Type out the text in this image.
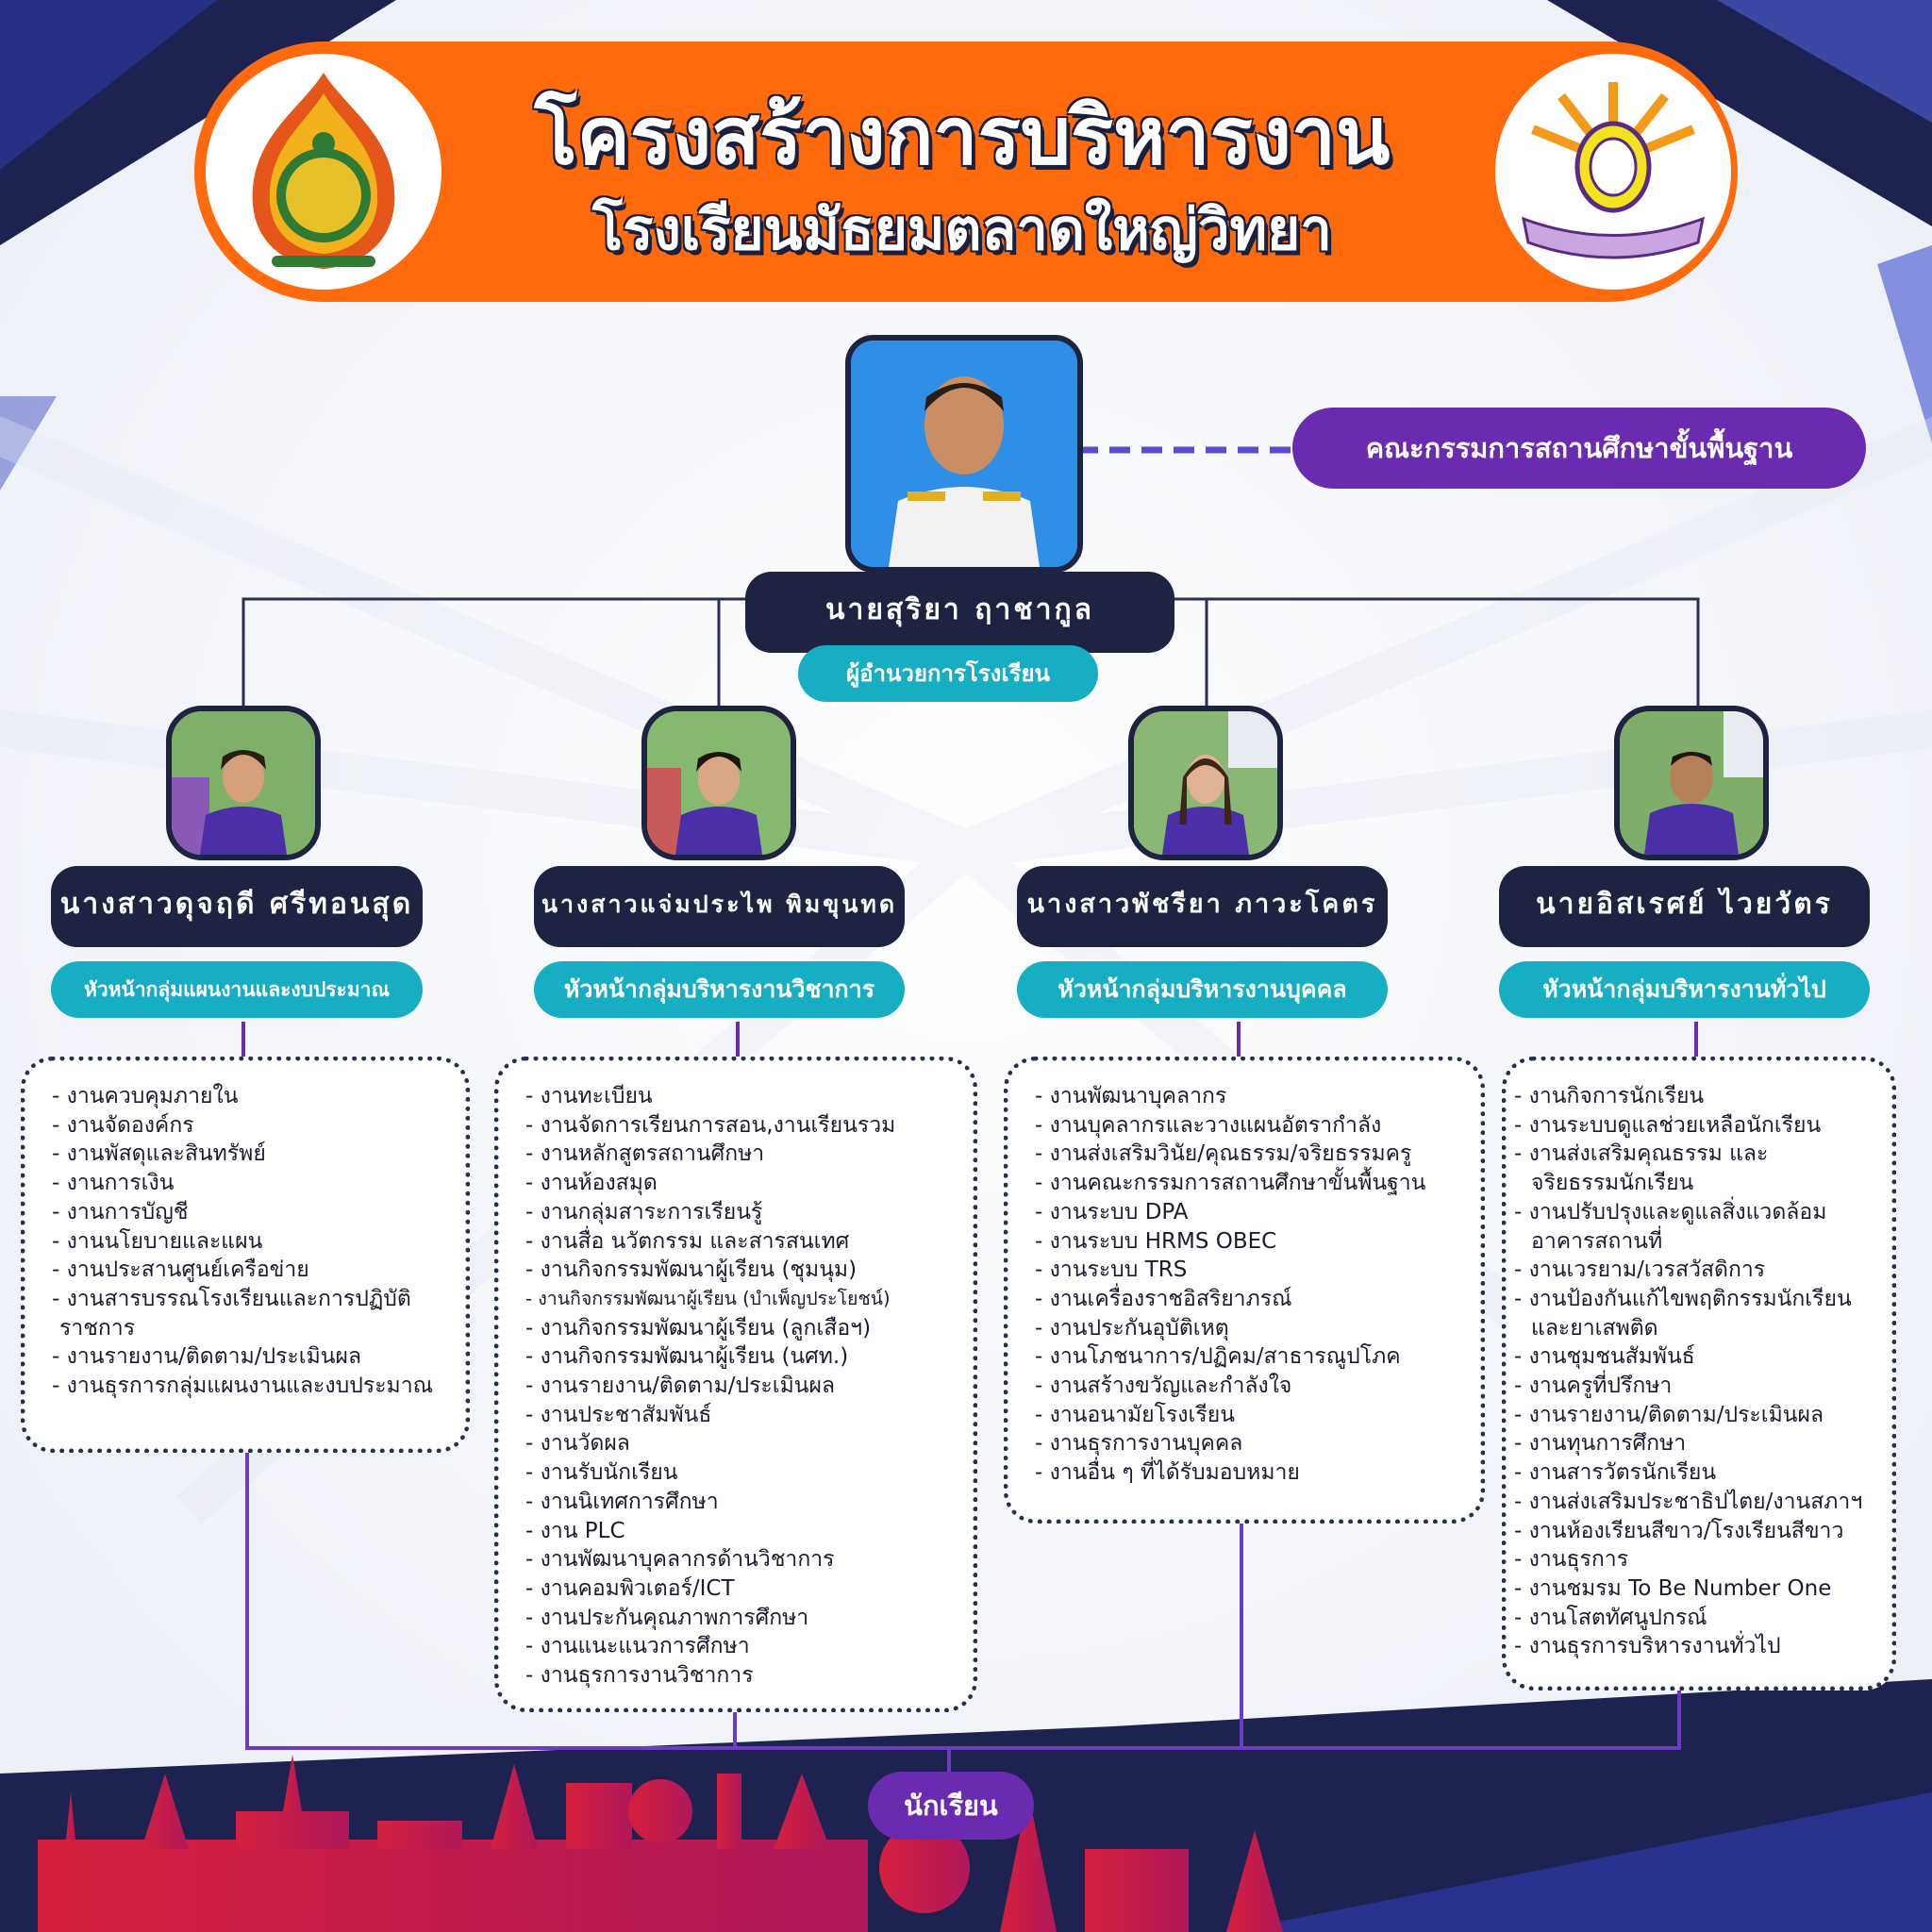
โครงสร้างการบริหารงาน
โรงเรียนมัธยมตลาดใหญ่วิทยา
คณะกรรมการสถานศึกษาขั้นพื้นฐาน
นายสุริยา ฤาชากูล
ผู้อำนวยการโรงเรียน
นางสาวดุจฤดี ศรีทอนสุด
หัวหน้ากลุ่มแผนงานและงบประมาณ
- งานควบคุมภายใน
- งานจัดองค์กร
- งานพัสดุและสินทรัพย์
- งานการเงิน
- งานการบัญชี
- งานนโยบายและแผน
- งานประสานศูนย์เครือข่าย
- งานสารบรรณโรงเรียนและการปฏิบัติ
ราชการ
- งานรายงาน/ติดตาม/ประเมินผล
- งานธุรการกลุ่มแผนงานและงบประมาณ
นางสาวแจ่มประไพ พิมขุนทด
หัวหน้ากลุ่มบริหารงานวิชาการ
- งานทะเบียน
- งานจัดการเรียนการสอน,งานเรียนรวม
- งานหลักสูตรสถานศึกษา
- งานห้องสมุด
- งานกลุ่มสาระการเรียนรู้
- งานสื่อ นวัตกรรม และสารสนเทศ
- งานกิจกรรมพัฒนาผู้เรียน (ชุมนุม)
- งานกิจกรรมพัฒนาผู้เรียน (บำเพ็ญประโยชน์)
- งานกิจกรรมพัฒนาผู้เรียน (ลูกเสือฯ)
- งานกิจกรรมพัฒนาผู้เรียน (นศท.)
- งานรายงาน/ติดตาม/ประเมินผล
- งานประชาสัมพันธ์
- งานวัดผล
- งานรับนักเรียน
- งานนิเทศการศึกษา
- งาน PLC
- งานพัฒนาบุคลากรด้านวิชาการ
- งานคอมพิวเตอร์/ICT
- งานประกันคุณภาพการศึกษา
- งานแนะแนวการศึกษา
- งานธุรการงานวิชาการ
นางสาวพัชรียา ภาวะโคตร
หัวหน้ากลุ่มบริหารงานบุคคล
- งานพัฒนาบุคลากร
- งานบุคลากรและวางแผนอัตรากำลัง
- งานส่งเสริมวินัย/คุณธรรม/จริยธรรมครู
- งานคณะกรรมการสถานศึกษาขั้นพื้นฐาน
- งานระบบ DPA
- งานระบบ HRMS OBEC
- งานระบบ TRS
- งานเครื่องราชอิสริยาภรณ์
- งานประกันอุบัติเหตุ
- งานโภชนาการ/ปฏิคม/สาธารณูปโภค
- งานสร้างขวัญและกำลังใจ
- งานอนามัยโรงเรียน
- งานธุรการงานบุคคล
- งานอื่น ๆ ที่ได้รับมอบหมาย
นายอิสเรศย์ ไวยวัตร
หัวหน้ากลุ่มบริหารงานทั่วไป
- งานกิจการนักเรียน
- งานระบบดูแลช่วยเหลือนักเรียน
- งานส่งเสริมคุณธรรม และ
จริยธรรมนักเรียน
- งานปรับปรุงและดูแลสิ่งแวดล้อม
อาคารสถานที่
- งานเวรยาม/เวรสวัสดิการ
- งานป้องกันแก้ไขพฤติกรรมนักเรียน
และยาเสพติด
- งานชุมชนสัมพันธ์
- งานครูที่ปรึกษา
- งานรายงาน/ติดตาม/ประเมินผล
- งานทุนการศึกษา
- งานสารวัตรนักเรียน
- งานส่งเสริมประชาธิปไตย/งานสภาฯ
- งานห้องเรียนสีขาว/โรงเรียนสีขาว
- งานธุรการ
- งานชมรม To Be Number One
- งานโสตทัศนูปกรณ์
- งานธุรการบริหารงานทั่วไป
นักเรียน
